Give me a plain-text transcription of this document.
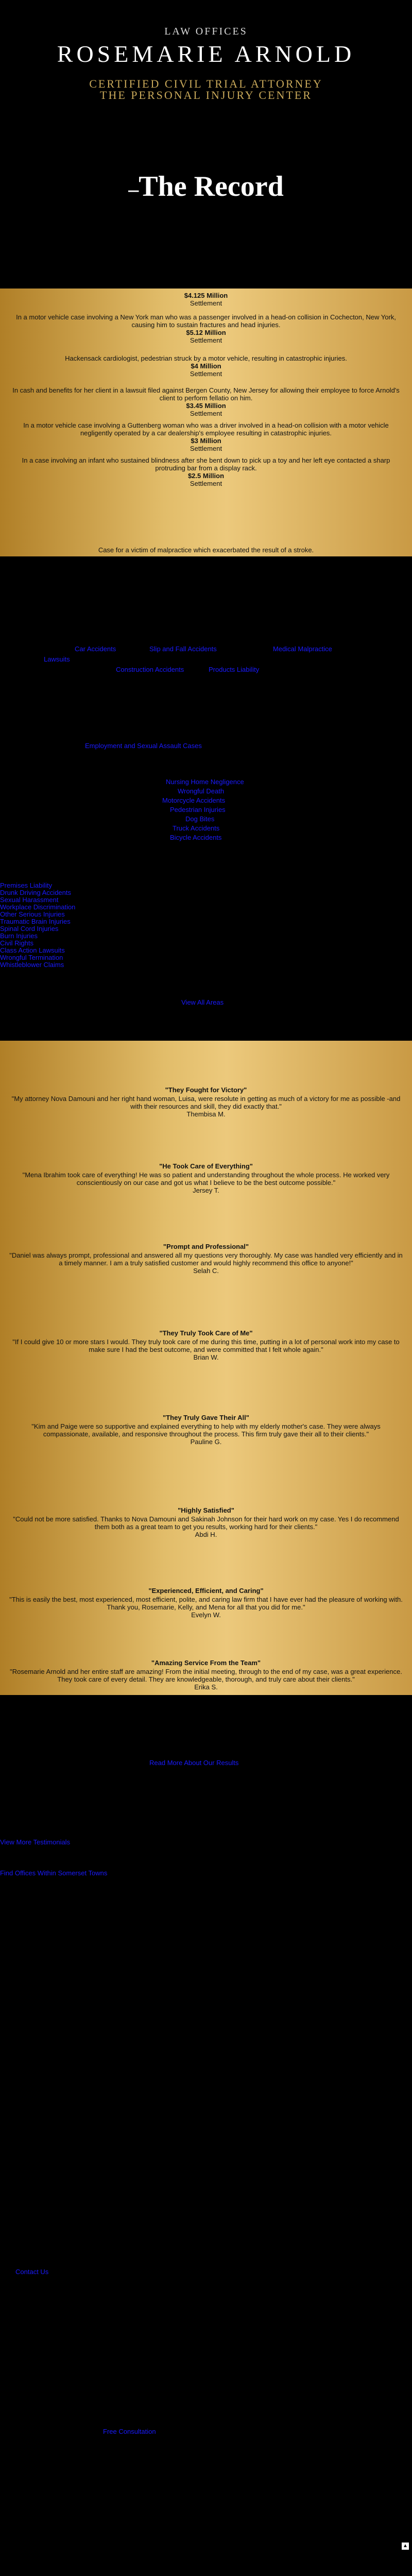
LAW OFFICES
ROSEMARIE ARNOLD
CERTIFIED CIVIL TRIAL ATTORNEY
THE PERSONAL INJURY CENTER
–The Record
$4.125 Million
Settlement
In a motor vehicle case involving a New York man who was a passenger involved in a head-on collision in Cochecton, New York, causing him to sustain fractures and head injuries.
$5.12 Million
Settlement
Hackensack cardiologist, pedestrian struck by a motor vehicle, resulting in catastrophic injuries.
$4 Million
Settlement
In cash and benefits for her client in a lawsuit filed against Bergen County, New Jersey for allowing their employee to force Arnold's client to perform fellatio on him.
$3.45 Million
Settlement
In a motor vehicle case involving a Guttenberg woman who was a driver involved in a head-on collision with a motor vehicle negligently operated by a car dealership's employee resulting in catastrophic injuries.
$3 Million
Settlement
In a case involving an infant who sustained blindness after she bent down to pick up a toy and her left eye contacted a sharp protruding bar from a display rack.
$2.5 Million
Settlement
Case for a victim of malpractice which exacerbated the result of a stroke.
Car Accidents	Slip and Fall Accidents	Medical Malpractice
Lawsuits
Construction Accidents	Products Liability
Employment and Sexual Assault Cases
Nursing Home Negligence
Wrongful Death
Motorcycle Accidents
Pedestrian Injuries
Dog Bites
Truck Accidents
Bicycle Accidents
Premises Liability
Drunk Driving Accidents
Sexual Harassment
Workplace Discrimination
Other Serious Injuries
Traumatic Brain Injuries
Spinal Cord Injuries
Burn Injuries
Civil Rights
Class Action Lawsuits
Wrongful Termination
Whistleblower Claims
View All Areas
"They Fought for Victory"
"My attorney Nova Damouni and her right hand woman, Luisa, were resolute in getting as much of a victory for me as possible -and with their resources and skill, they did exactly that."
Thembisa M.
"He Took Care of Everything"
"Mena Ibrahim took care of everything! He was so patient and understanding throughout the whole process. He worked very conscientiously on our case and got us what I believe to be the best outcome possible."
Jersey T.
"Prompt and Professional"
"Daniel was always prompt, professional and answered all my questions very thoroughly. My case was handled very efficiently and in a timely manner. I am a truly satisfied customer and would highly recommend this office to anyone!"
Selah C.
"They Truly Took Care of Me"
"If I could give 10 or more stars I would. They truly took care of me during this time, putting in a lot of personal work into my case to make sure I had the best outcome, and were committed that I felt whole again."
Brian W.
"They Truly Gave Their All"
"Kim and Paige were so supportive and explained everything to help with my elderly mother's case. They were always compassionate, available, and responsive throughout the process. This firm truly gave their all to their clients."
Pauline G.
"Highly Satisfied"
"Could not be more satisfied. Thanks to Nova Damouni and Sakinah Johnson for their hard work on my case. Yes I do recommend them both as a great team to get you results, working hard for their clients."
Abdi H.
"Experienced, Efficient, and Caring"
"This is easily the best, most experienced, most efficient, polite, and caring law firm that I have ever had the pleasure of working with. Thank you, Rosemarie, Kelly, and Mena for all that you did for me."
Evelyn W.
"Amazing Service From the Team"
"Rosemarie Arnold and her entire staff are amazing! From the initial meeting, through to the end of my case, was a great experience. They took care of every detail. They are knowledgeable, thorough, and truly care about their clients."
Erika S.
Read More About Our Results
View More Testimonials
Find Offices Within Somerset Towns
Contact Us
Free Consultation
▲
